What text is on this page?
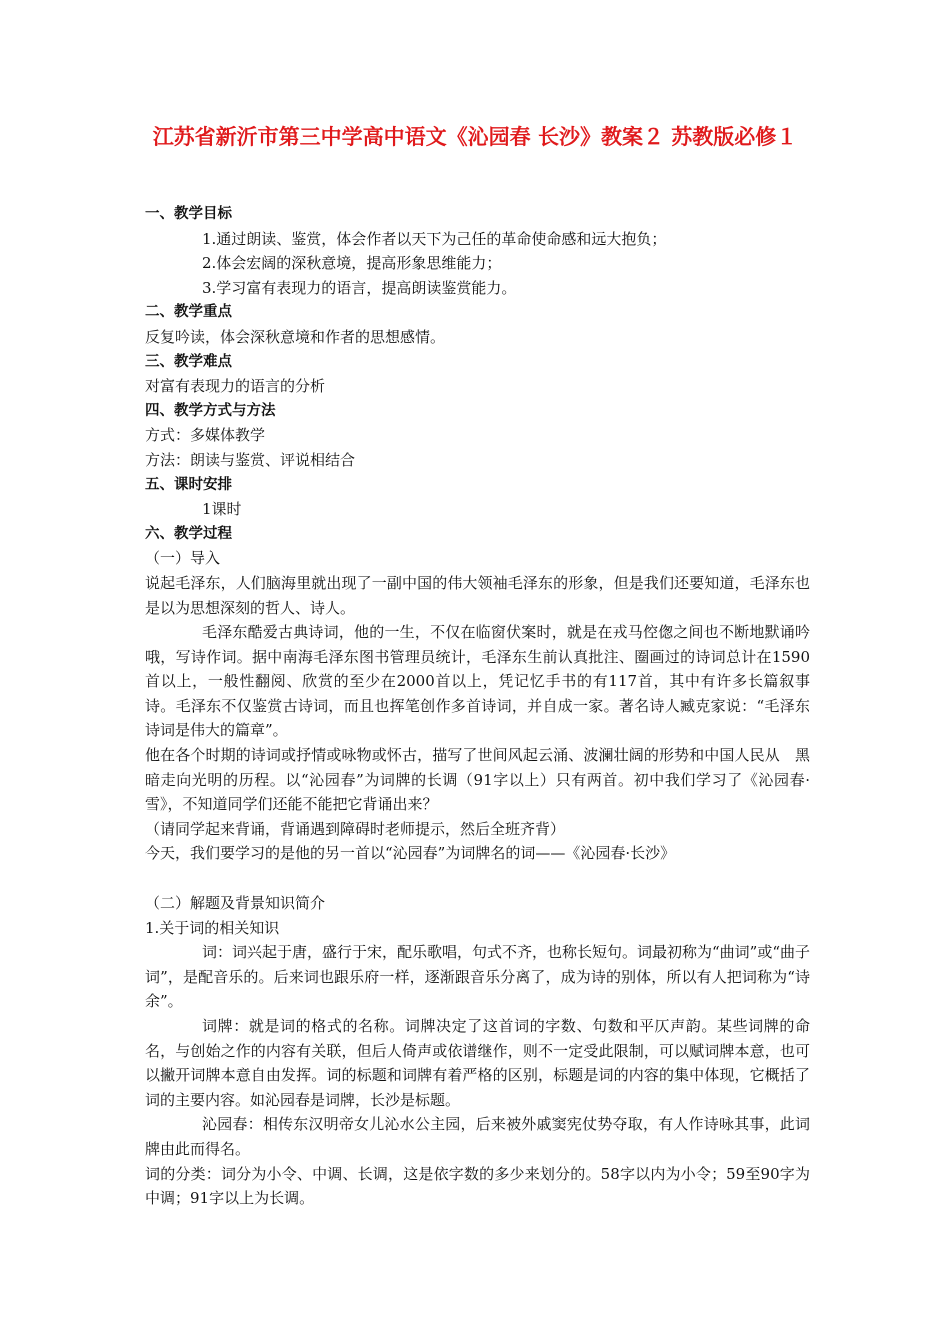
江苏省新沂市第三中学高中语文《沁园春 长沙》教案２ 苏教版必修１

一、教学目标

1.通过朗读、鉴赏，体会作者以天下为己任的革命使命感和远大抱负；

2.体会宏阔的深秋意境，提高形象思维能力；

3.学习富有表现力的语言，提高朗读鉴赏能力。

二、教学重点

反复吟读，体会深秋意境和作者的思想感情。

三、教学难点

对富有表现力的语言的分析

四、教学方式与方法

方式：多媒体教学

方法：朗读与鉴赏、评说相结合

五、课时安排

1课时

六、教学过程

（一）导入

说起毛泽东，人们脑海里就出现了一副中国的伟大领袖毛泽东的形象，但是我们还要知道，毛泽东也是以为思想深刻的哲人、诗人。

毛泽东酷爱古典诗词，他的一生，不仅在临窗伏案时，就是在戎马倥偬之间也不断地默诵吟哦，写诗作词。据中南海毛泽东图书管理员统计，毛泽东生前认真批注、圈画过的诗词总计在1590首以上，一般性翻阅、欣赏的至少在2000首以上，凭记忆手书的有117首，其中有许多长篇叙事诗。毛泽东不仅鉴赏古诗词，而且也挥笔创作多首诗词，并自成一家。著名诗人臧克家说：“毛泽东诗词是伟大的篇章”。

他在各个时期的诗词或抒情或咏物或怀古，描写了世间风起云涌、波澜壮阔的形势和中国人民从　黑暗走向光明的历程。以“沁园春”为词牌的长调（91字以上）只有两首。初中我们学习了《沁园春·雪》，不知道同学们还能不能把它背诵出来？

（请同学起来背诵，背诵遇到障碍时老师提示，然后全班齐背）

今天，我们要学习的是他的另一首以“沁园春”为词牌名的词——《沁园春·长沙》

（二）解题及背景知识简介

1.关于词的相关知识

词：词兴起于唐，盛行于宋，配乐歌唱，句式不齐，也称长短句。词最初称为“曲词”或“曲子词”，是配音乐的。后来词也跟乐府一样，逐渐跟音乐分离了，成为诗的别体，所以有人把词称为“诗余”。

词牌：就是词的格式的名称。词牌决定了这首词的字数、句数和平仄声韵。某些词牌的命名，与创始之作的内容有关联，但后人倚声或依谱继作，则不一定受此限制，可以赋词牌本意，也可以撇开词牌本意自由发挥。词的标题和词牌有着严格的区别，标题是词的内容的集中体现，它概括了词的主要内容。如沁园春是词牌，长沙是标题。

沁园春：相传东汉明帝女儿沁水公主园，后来被外戚窦宪仗势夺取，有人作诗咏其事，此词牌由此而得名。

词的分类：词分为小令、中调、长调，这是依字数的多少来划分的。58字以内为小令；59至90字为中调；91字以上为长调。
